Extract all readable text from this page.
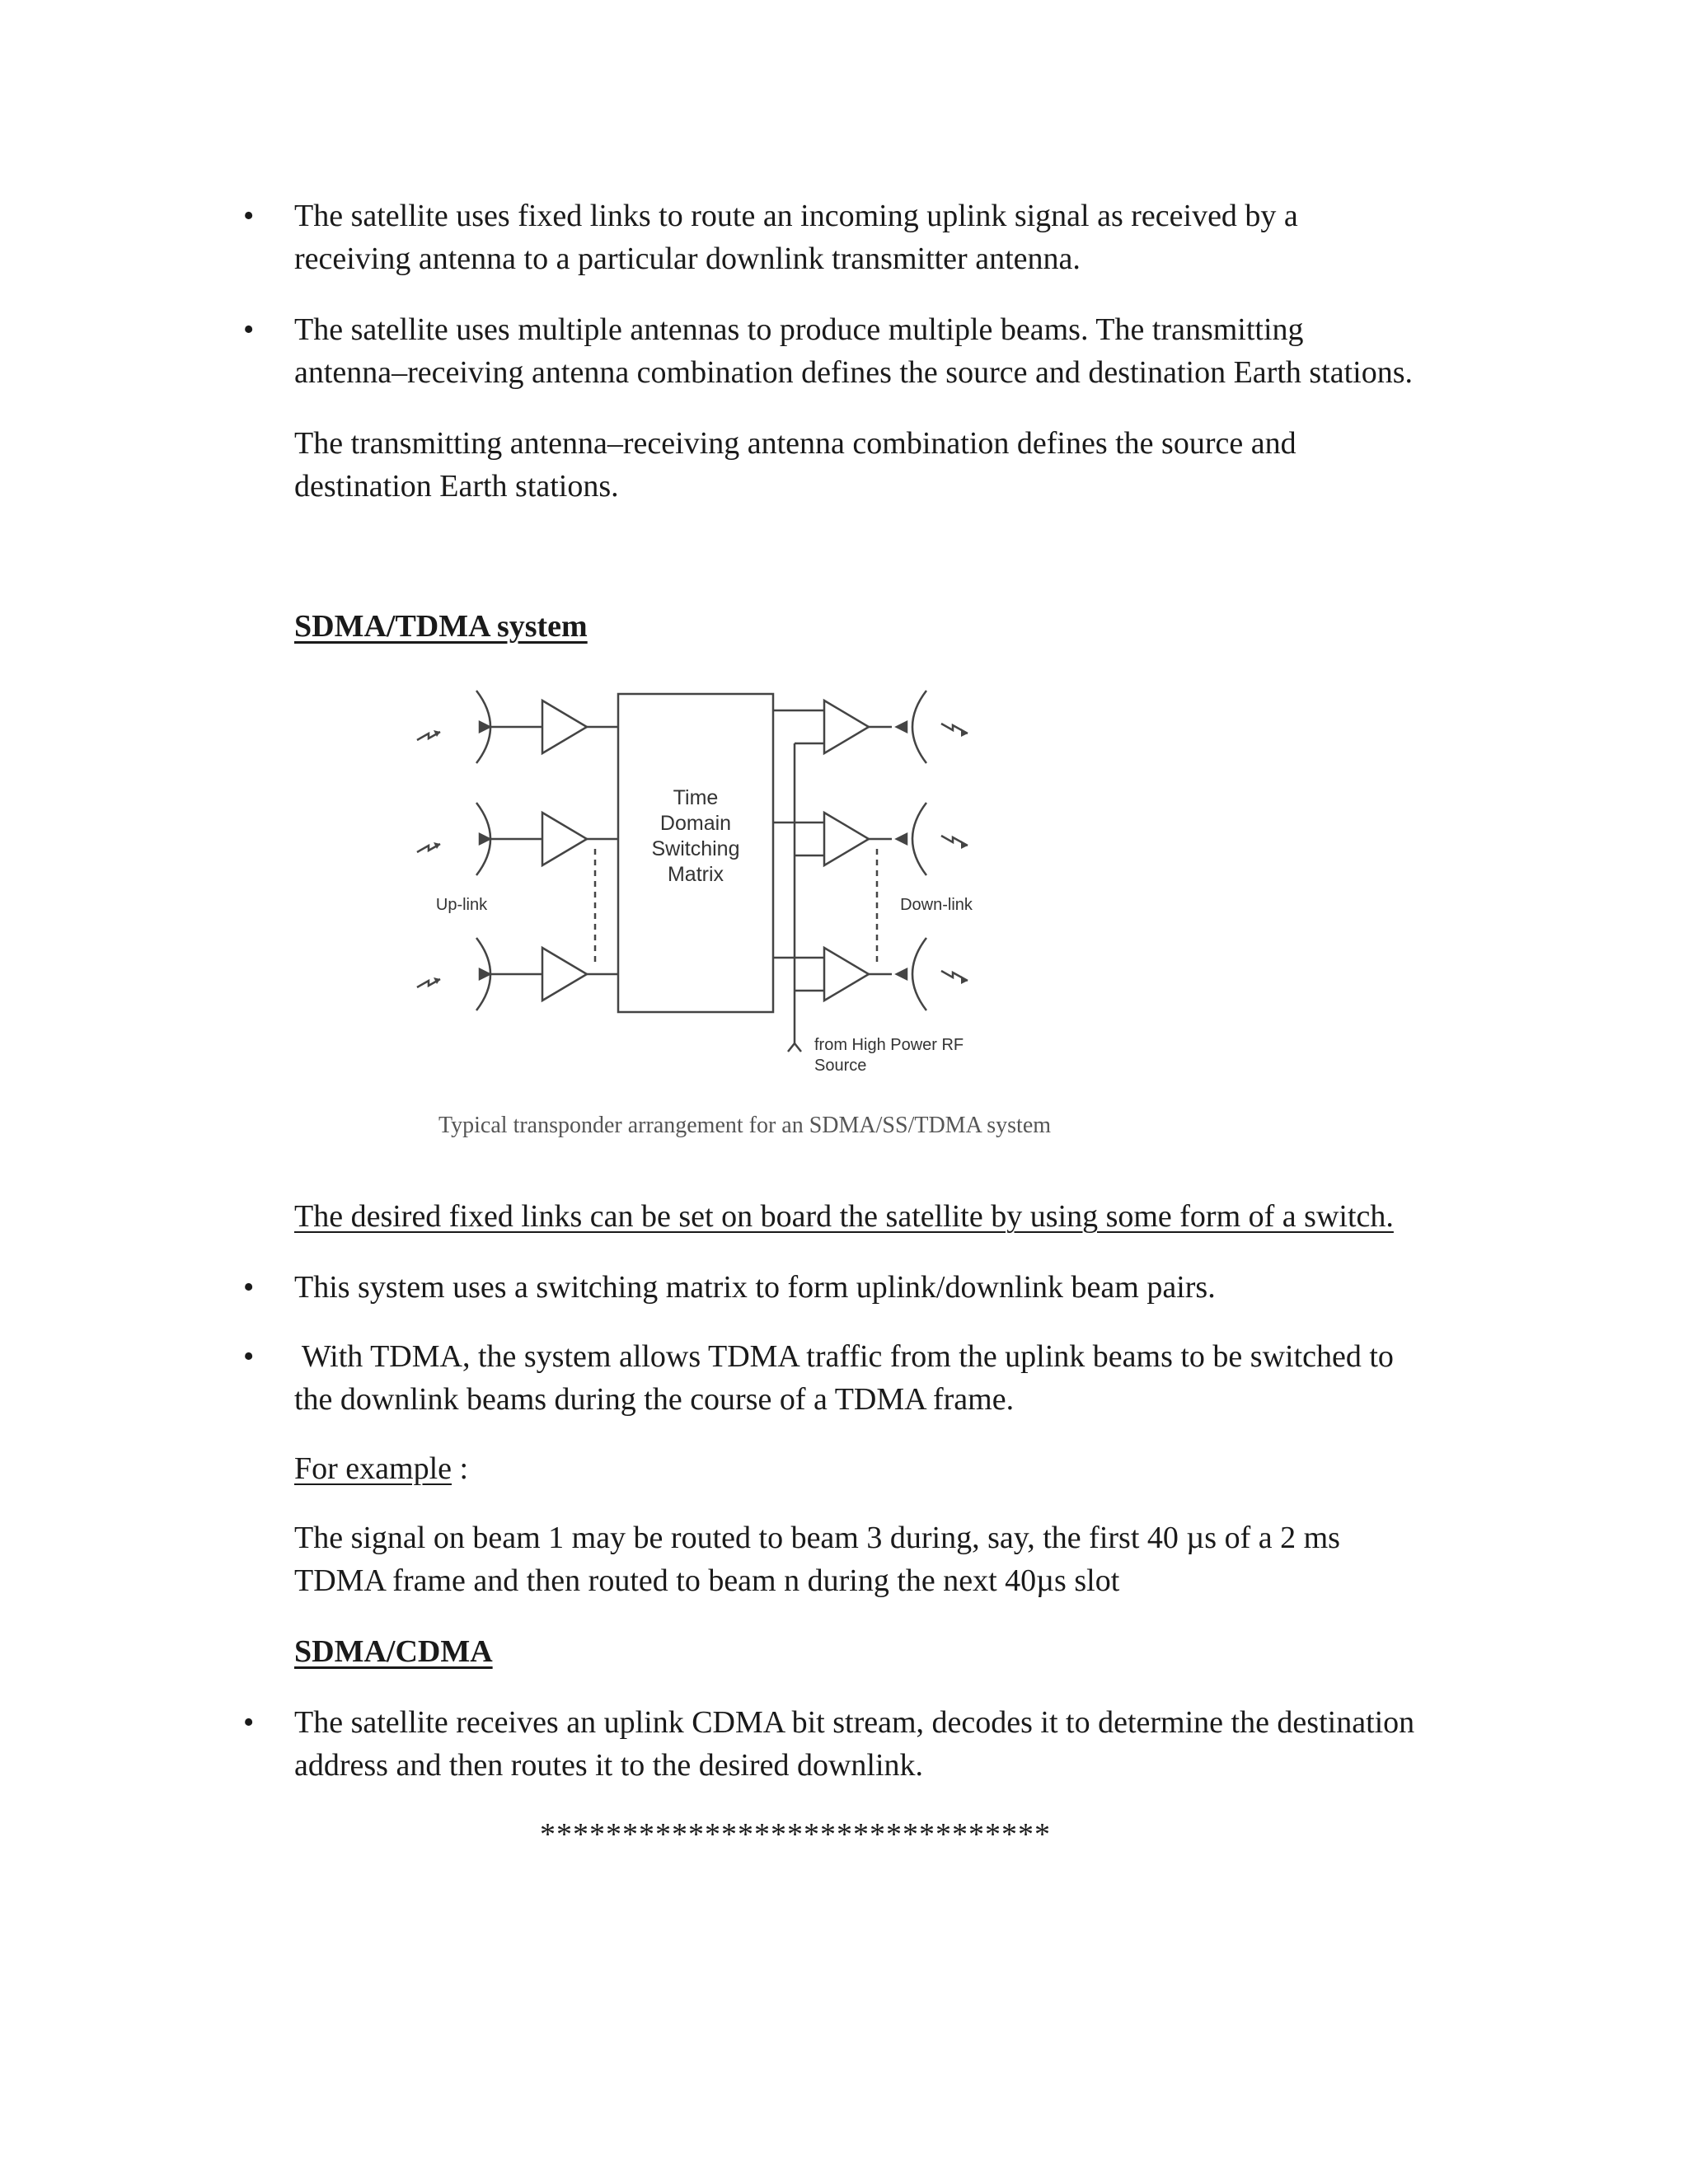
• The satellite uses fixed links to route an incoming uplink signal as received by a
receiving antenna to a particular downlink transmitter antenna.
• The satellite uses multiple antennas to produce multiple beams. The transmitting
antenna–receiving antenna combination defines the source and destination Earth stations.
The transmitting antenna–receiving antenna combination defines the source and
destination Earth stations.
SDMA/TDMA system
Time
Domain
Switching
Matrix
Up-link	Down-link
from High Power RF
Source
Typical transponder arrangement for an SDMA/SS/TDMA system
The desired fixed links can be set on board the satellite by using some form of a switch.
• This system uses a switching matrix to form uplink/downlink beam pairs.
• With TDMA, the system allows TDMA traffic from the uplink beams to be switched to
the downlink beams during the course of a TDMA frame.
For example :
The signal on beam 1 may be routed to beam 3 during, say, the first 40 µs of a 2 ms
TDMA frame and then routed to beam n during the next 40µs slot
SDMA/CDMA
• The satellite receives an uplink CDMA bit stream, decodes it to determine the destination
address and then routes it to the desired downlink.
*******************************
